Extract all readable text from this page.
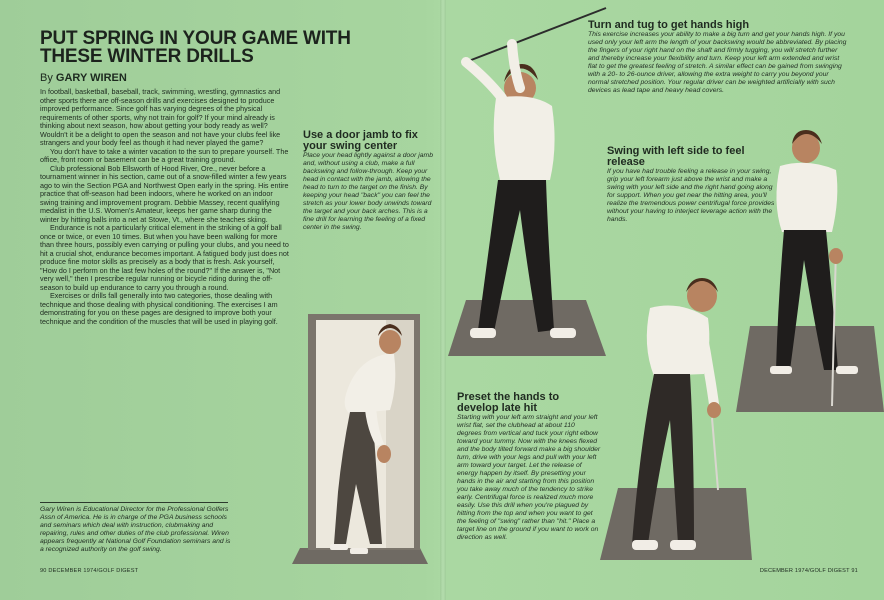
PUT SPRING IN YOUR GAME WITH THESE WINTER DRILLS
By GARY WIREN

In football, basketball, baseball, track, swimming, wrestling, gymnastics and other sports there are off-season drills and exercises designed to produce improved performance. Since golf has varying degrees of the physical requirements of other sports, why not train for golf? If your mind already is thinking about next season, how about getting your body ready as well? Wouldn't it be a delight to open the season and not have your clubs feel like strangers and your body feel as though it had never played the game?

You don't have to take a winter vacation to the sun to prepare yourself. The office, front room or basement can be a great training ground.

Club professional Bob Ellsworth of Hood River, Ore., never before a tournament winner in his section, came out of a snow-filled winter a few years ago to win the Section PGA and Northwest Open early in the spring. His entire practice that off-season had been indoors, where he worked on an indoor swing training and improvement program. Debbie Massey, recent qualifying medalist in the U.S. Women's Amateur, keeps her game sharp during the winter by hitting balls into a net at Stowe, Vt., where she teaches skiing.

Endurance is not a particularly critical element in the striking of a golf ball once or twice, or even 10 times. But when you have been walking for more than three hours, possibly even carrying or pulling your clubs, and you need to hit a crucial shot, endurance becomes important. A fatigued body just does not produce fine motor skills as precisely as a body that is fresh. Ask yourself, "How do I perform on the last few holes of the round?" If the answer is, "Not very well," then I prescribe regular running or bicycle riding during the off-season to build up endurance to carry you through a round.

Exercises or drills fall generally into two categories, those dealing with technique and those dealing with physical conditioning. The exercises I am demonstrating for you on these pages are designed to improve both your technique and the condition of the muscles that will be used in playing golf.

Use a door jamb to fix your swing center
Place your head lightly against a door jamb and, without using a club, make a full backswing and follow-through. Keep your head in contact with the jamb, allowing the head to turn to the target on the finish. By keeping your head "back" you can feel the stretch as your lower body unwinds toward the target and your back arches. This is a fine drill for learning the feeling of a fixed center in the swing.
Turn and tug to get hands high
This exercise increases your ability to make a big turn and get your hands high. If you used only your left arm the length of your backswing would be abbreviated. By placing the fingers of your right hand on the shaft and firmly tugging, you will stretch further and thereby increase your flexibility and turn. Keep your left arm extended and wrist flat to get the greatest feeling of stretch. A similar effect can be gained from swinging with a 20- to 26-ounce driver, allowing the extra weight to carry you beyond your normal stretched position. Your regular driver can be weighted artificially with such devices as lead tape and heavy head covers.
Swing with left side to feel release
If you have had trouble feeling a release in your swing, grip your left forearm just above the wrist and make a swing with your left side and the right hand going along for support. When you get near the hitting area, you'll realize the tremendous power centrifugal force provides without your having to interject leverage action with the hands.
Preset the hands to develop late hit
Starting with your left arm straight and your left wrist flat, set the clubhead at about 110 degrees from vertical and tuck your right elbow toward your tummy. Now with the knees flexed and the body tilted forward make a big shoulder turn, drive with your legs and pull with your left arm toward your target. Let the release of energy happen by itself. By presetting your hands in the air and starting from this position you take away much of the tendency to strike early. Centrifugal force is realized much more easily. Use this drill when you're plagued by hitting from the top and when you want to get the feeling of "swing" rather than "hit." Place a target line on the ground if you want to work on direction as well.
Gary Wiren is Educational Director for the Professional Golfers Assn of America. He is in charge of the PGA business schools and seminars which deal with instruction, clubmaking and repairing, rules and other duties of the club professional. Wiren appears frequently at National Golf Foundation seminars and is a recognized authority on the golf swing.
90 DECEMBER 1974/GOLF DIGEST	DECEMBER 1974/GOLF DIGEST 91
